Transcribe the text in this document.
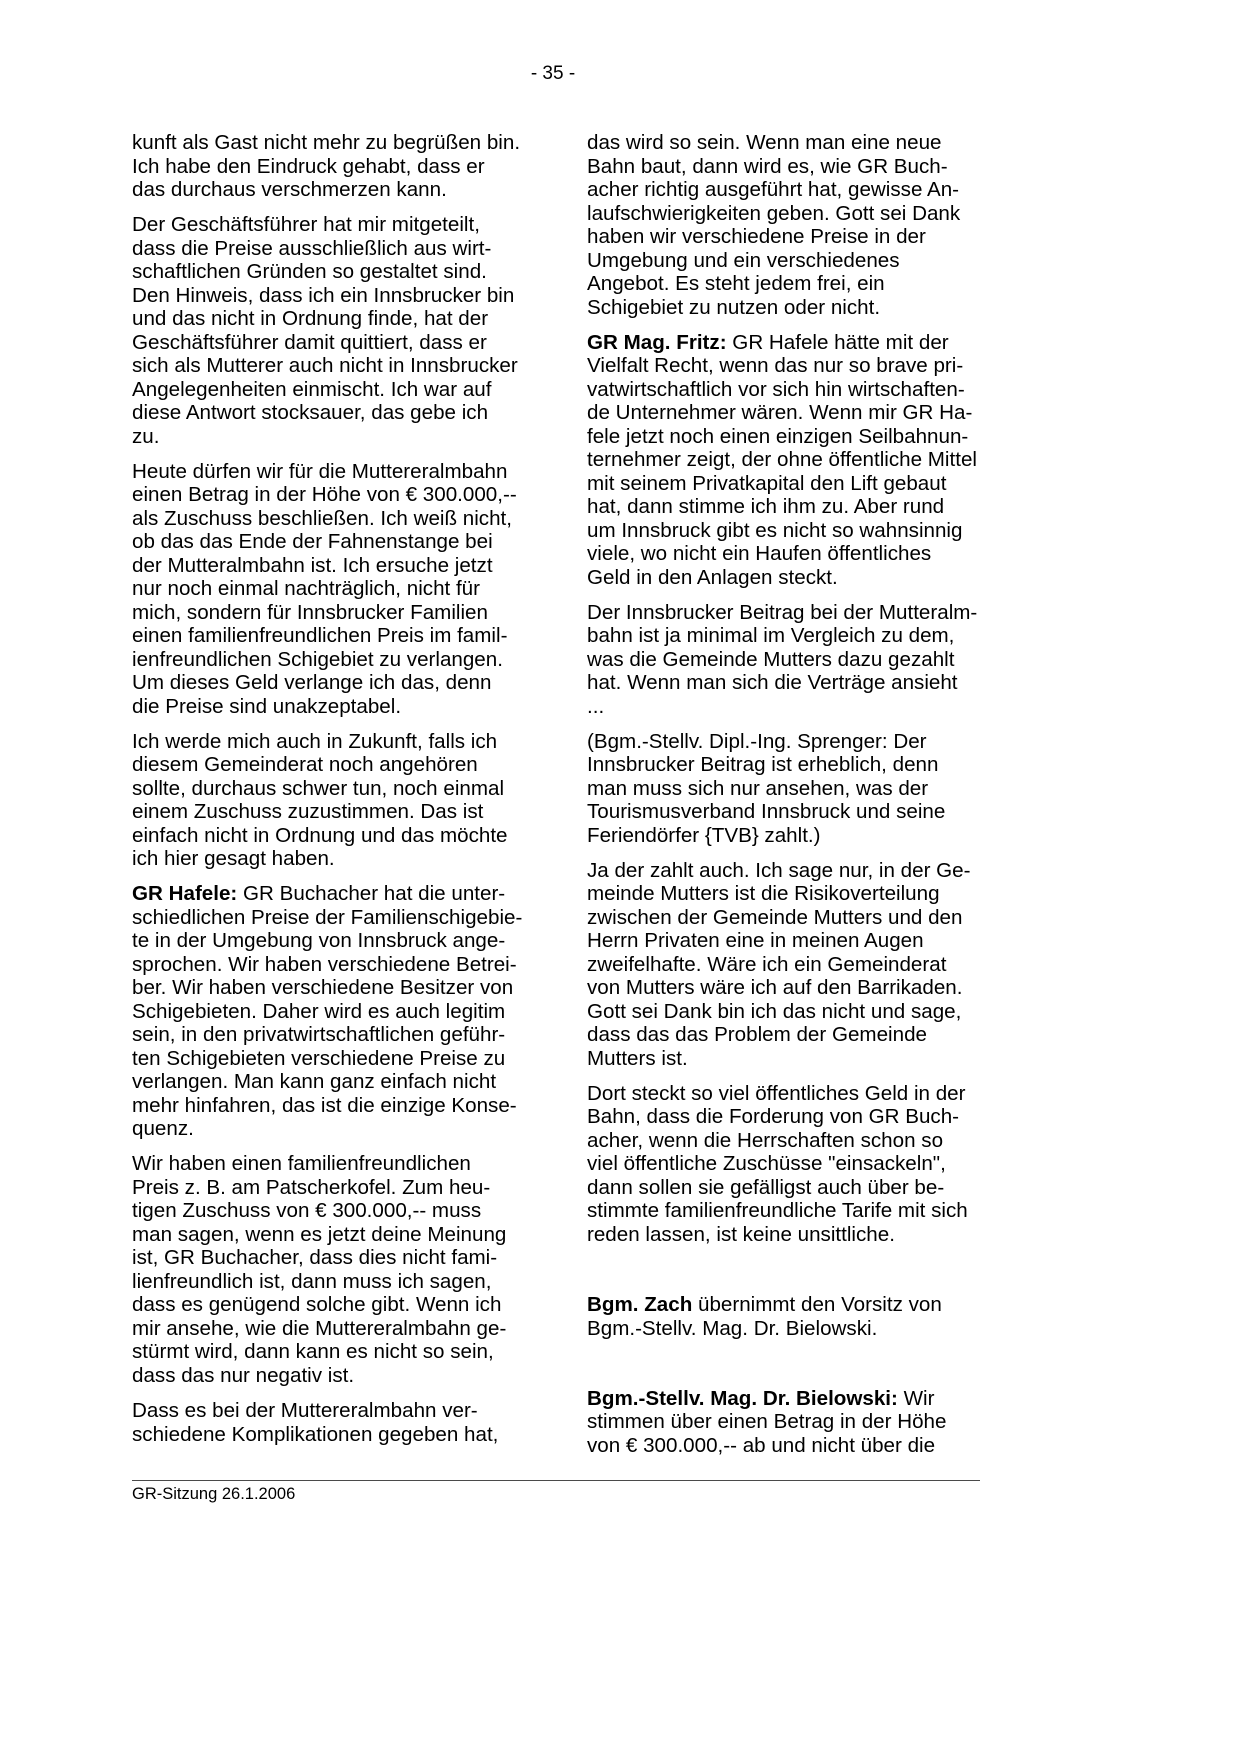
- 35 -

kunft als Gast nicht mehr zu begrüßen bin.
Ich habe den Eindruck gehabt, dass er
das durchaus verschmerzen kann.

Der Geschäftsführer hat mir mitgeteilt,
dass die Preise ausschließlich aus wirt-
schaftlichen Gründen so gestaltet sind.
Den Hinweis, dass ich ein Innsbrucker bin
und das nicht in Ordnung finde, hat der
Geschäftsführer damit quittiert, dass er
sich als Mutterer auch nicht in Innsbrucker
Angelegenheiten einmischt. Ich war auf
diese Antwort stocksauer, das gebe ich
zu.

Heute dürfen wir für die Muttereralmbahn
einen Betrag in der Höhe von € 300.000,--
als Zuschuss beschließen. Ich weiß nicht,
ob das das Ende der Fahnenstange bei
der Mutteralmbahn ist. Ich ersuche jetzt
nur noch einmal nachträglich, nicht für
mich, sondern für Innsbrucker Familien
einen familienfreundlichen Preis im famil-
ienfreundlichen Schigebiet zu verlangen.
Um dieses Geld verlange ich das, denn
die Preise sind unakzeptabel.

Ich werde mich auch in Zukunft, falls ich
diesem Gemeinderat noch angehören
sollte, durchaus schwer tun, noch einmal
einem Zuschuss zuzustimmen. Das ist
einfach nicht in Ordnung und das möchte
ich hier gesagt haben.

GR Hafele: GR Buchacher hat die unter-
schiedlichen Preise der Familienschigebie-
te in der Umgebung von Innsbruck ange-
sprochen. Wir haben verschiedene Betrei-
ber. Wir haben verschiedene Besitzer von
Schigebieten. Daher wird es auch legitim
sein, in den privatwirtschaftlichen geführ-
ten Schigebieten verschiedene Preise zu
verlangen. Man kann ganz einfach nicht
mehr hinfahren, das ist die einzige Konse-
quenz.

Wir haben einen familienfreundlichen
Preis z. B. am Patscherkofel. Zum heu-
tigen Zuschuss von € 300.000,-- muss
man sagen, wenn es jetzt deine Meinung
ist, GR Buchacher, dass dies nicht fami-
lienfreundlich ist, dann muss ich sagen,
dass es genügend solche gibt. Wenn ich
mir ansehe, wie die Muttereralmbahn ge-
stürmt wird, dann kann es nicht so sein,
dass das nur negativ ist.

Dass es bei der Muttereralmbahn ver-
schiedene Komplikationen gegeben hat,

das wird so sein. Wenn man eine neue
Bahn baut, dann wird es, wie GR Buch-
acher richtig ausgeführt hat, gewisse An-
laufschwierigkeiten geben. Gott sei Dank
haben wir verschiedene Preise in der
Umgebung und ein verschiedenes
Angebot. Es steht jedem frei, ein
Schigebiet zu nutzen oder nicht.

GR Mag. Fritz: GR Hafele hätte mit der
Vielfalt Recht, wenn das nur so brave pri-
vatwirtschaftlich vor sich hin wirtschaften-
de Unternehmer wären. Wenn mir GR Ha-
fele jetzt noch einen einzigen Seilbahnun-
ternehmer zeigt, der ohne öffentliche Mittel
mit seinem Privatkapital den Lift gebaut
hat, dann stimme ich ihm zu. Aber rund
um Innsbruck gibt es nicht so wahnsinnig
viele, wo nicht ein Haufen öffentliches
Geld in den Anlagen steckt.

Der Innsbrucker Beitrag bei der Mutteralm-
bahn ist ja minimal im Vergleich zu dem,
was die Gemeinde Mutters dazu gezahlt
hat. Wenn man sich die Verträge ansieht
...

(Bgm.-Stellv. Dipl.-Ing. Sprenger: Der
Innsbrucker Beitrag ist erheblich, denn
man muss sich nur ansehen, was der
Tourismusverband Innsbruck und seine
Feriendörfer {TVB} zahlt.)

Ja der zahlt auch. Ich sage nur, in der Ge-
meinde Mutters ist die Risikoverteilung
zwischen der Gemeinde Mutters und den
Herrn Privaten eine in meinen Augen
zweifelhafte. Wäre ich ein Gemeinderat
von Mutters wäre ich auf den Barrikaden.
Gott sei Dank bin ich das nicht und sage,
dass das das Problem der Gemeinde
Mutters ist.

Dort steckt so viel öffentliches Geld in der
Bahn, dass die Forderung von GR Buch-
acher, wenn die Herrschaften schon so
viel öffentliche Zuschüsse "einsackeln",
dann sollen sie gefälligst auch über be-
stimmte familienfreundliche Tarife mit sich
reden lassen, ist keine unsittliche.

Bgm. Zach übernimmt den Vorsitz von
Bgm.-Stellv. Mag. Dr. Bielowski.

Bgm.-Stellv. Mag. Dr. Bielowski: Wir
stimmen über einen Betrag in der Höhe
von € 300.000,-- ab und nicht über die

GR-Sitzung 26.1.2006
